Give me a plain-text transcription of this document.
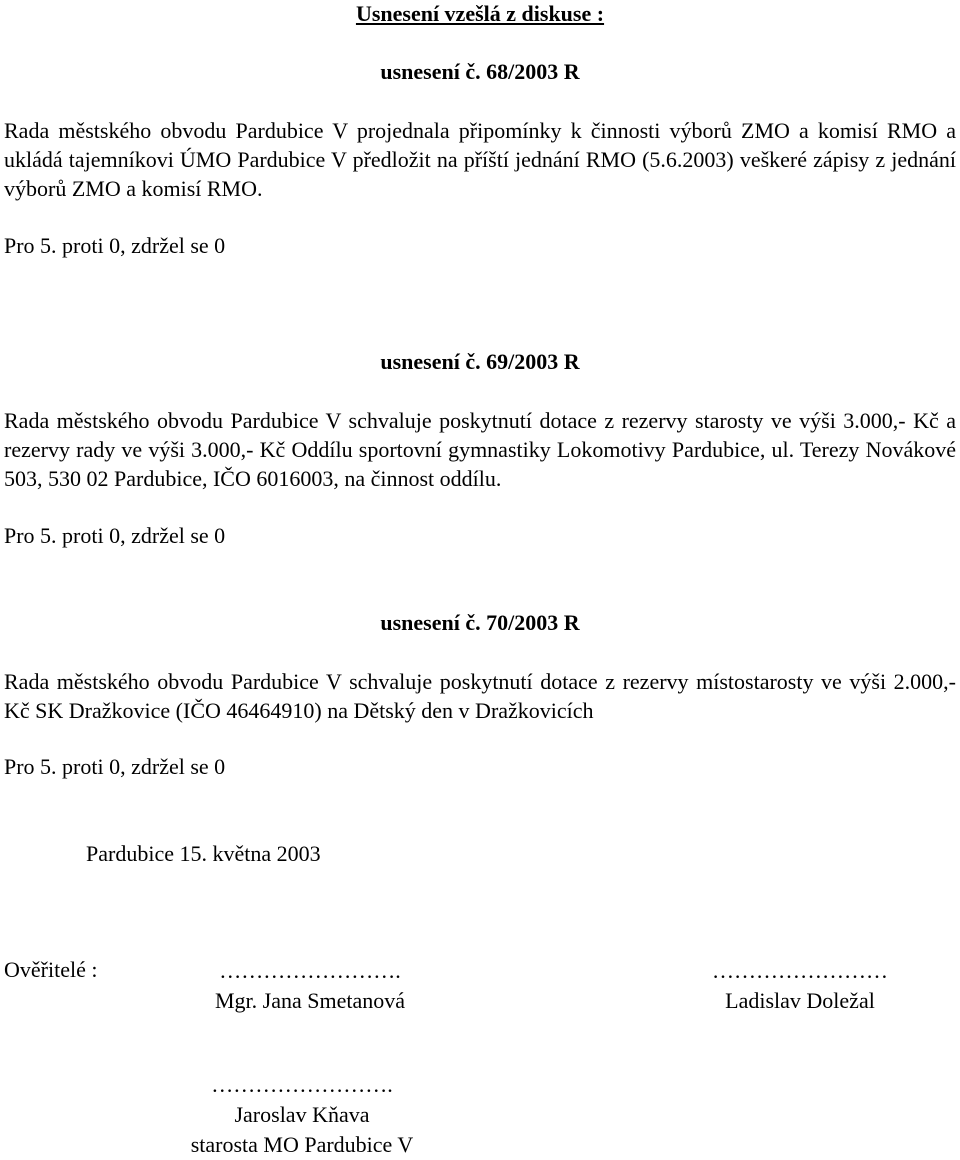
Usnesení vzešlá z diskuse :
usnesení č. 68/2003 R
Rada městského obvodu Pardubice V projednala připomínky k činnosti výborů ZMO a komisí RMO a ukládá tajemníkovi ÚMO Pardubice V předložit na příští jednání RMO (5.6.2003) veškeré zápisy z jednání výborů ZMO a komisí RMO.
Pro 5. proti 0, zdržel se 0
usnesení č. 69/2003 R
Rada městského obvodu Pardubice V schvaluje poskytnutí dotace z rezervy starosty ve výši 3.000,- Kč a rezervy rady ve výši 3.000,- Kč Oddílu sportovní gymnastiky Lokomotivy Pardubice, ul. Terezy Novákové 503, 530 02 Pardubice, IČO 6016003, na činnost oddílu.
Pro 5. proti 0, zdržel se 0
usnesení č. 70/2003 R
Rada městského obvodu Pardubice V schvaluje poskytnutí dotace z rezervy místostarosty ve výši 2.000,- Kč SK Dražkovice (IČO 46464910) na Dětský den v Dražkovicích
Pro 5. proti 0, zdržel se 0
Pardubice 15. května 2003
Ověřitelé :	…………………….
Mgr. Jana Smetanová
……………………
Ladislav Doležal
…………………….
Jaroslav Kňava
starosta MO Pardubice V
